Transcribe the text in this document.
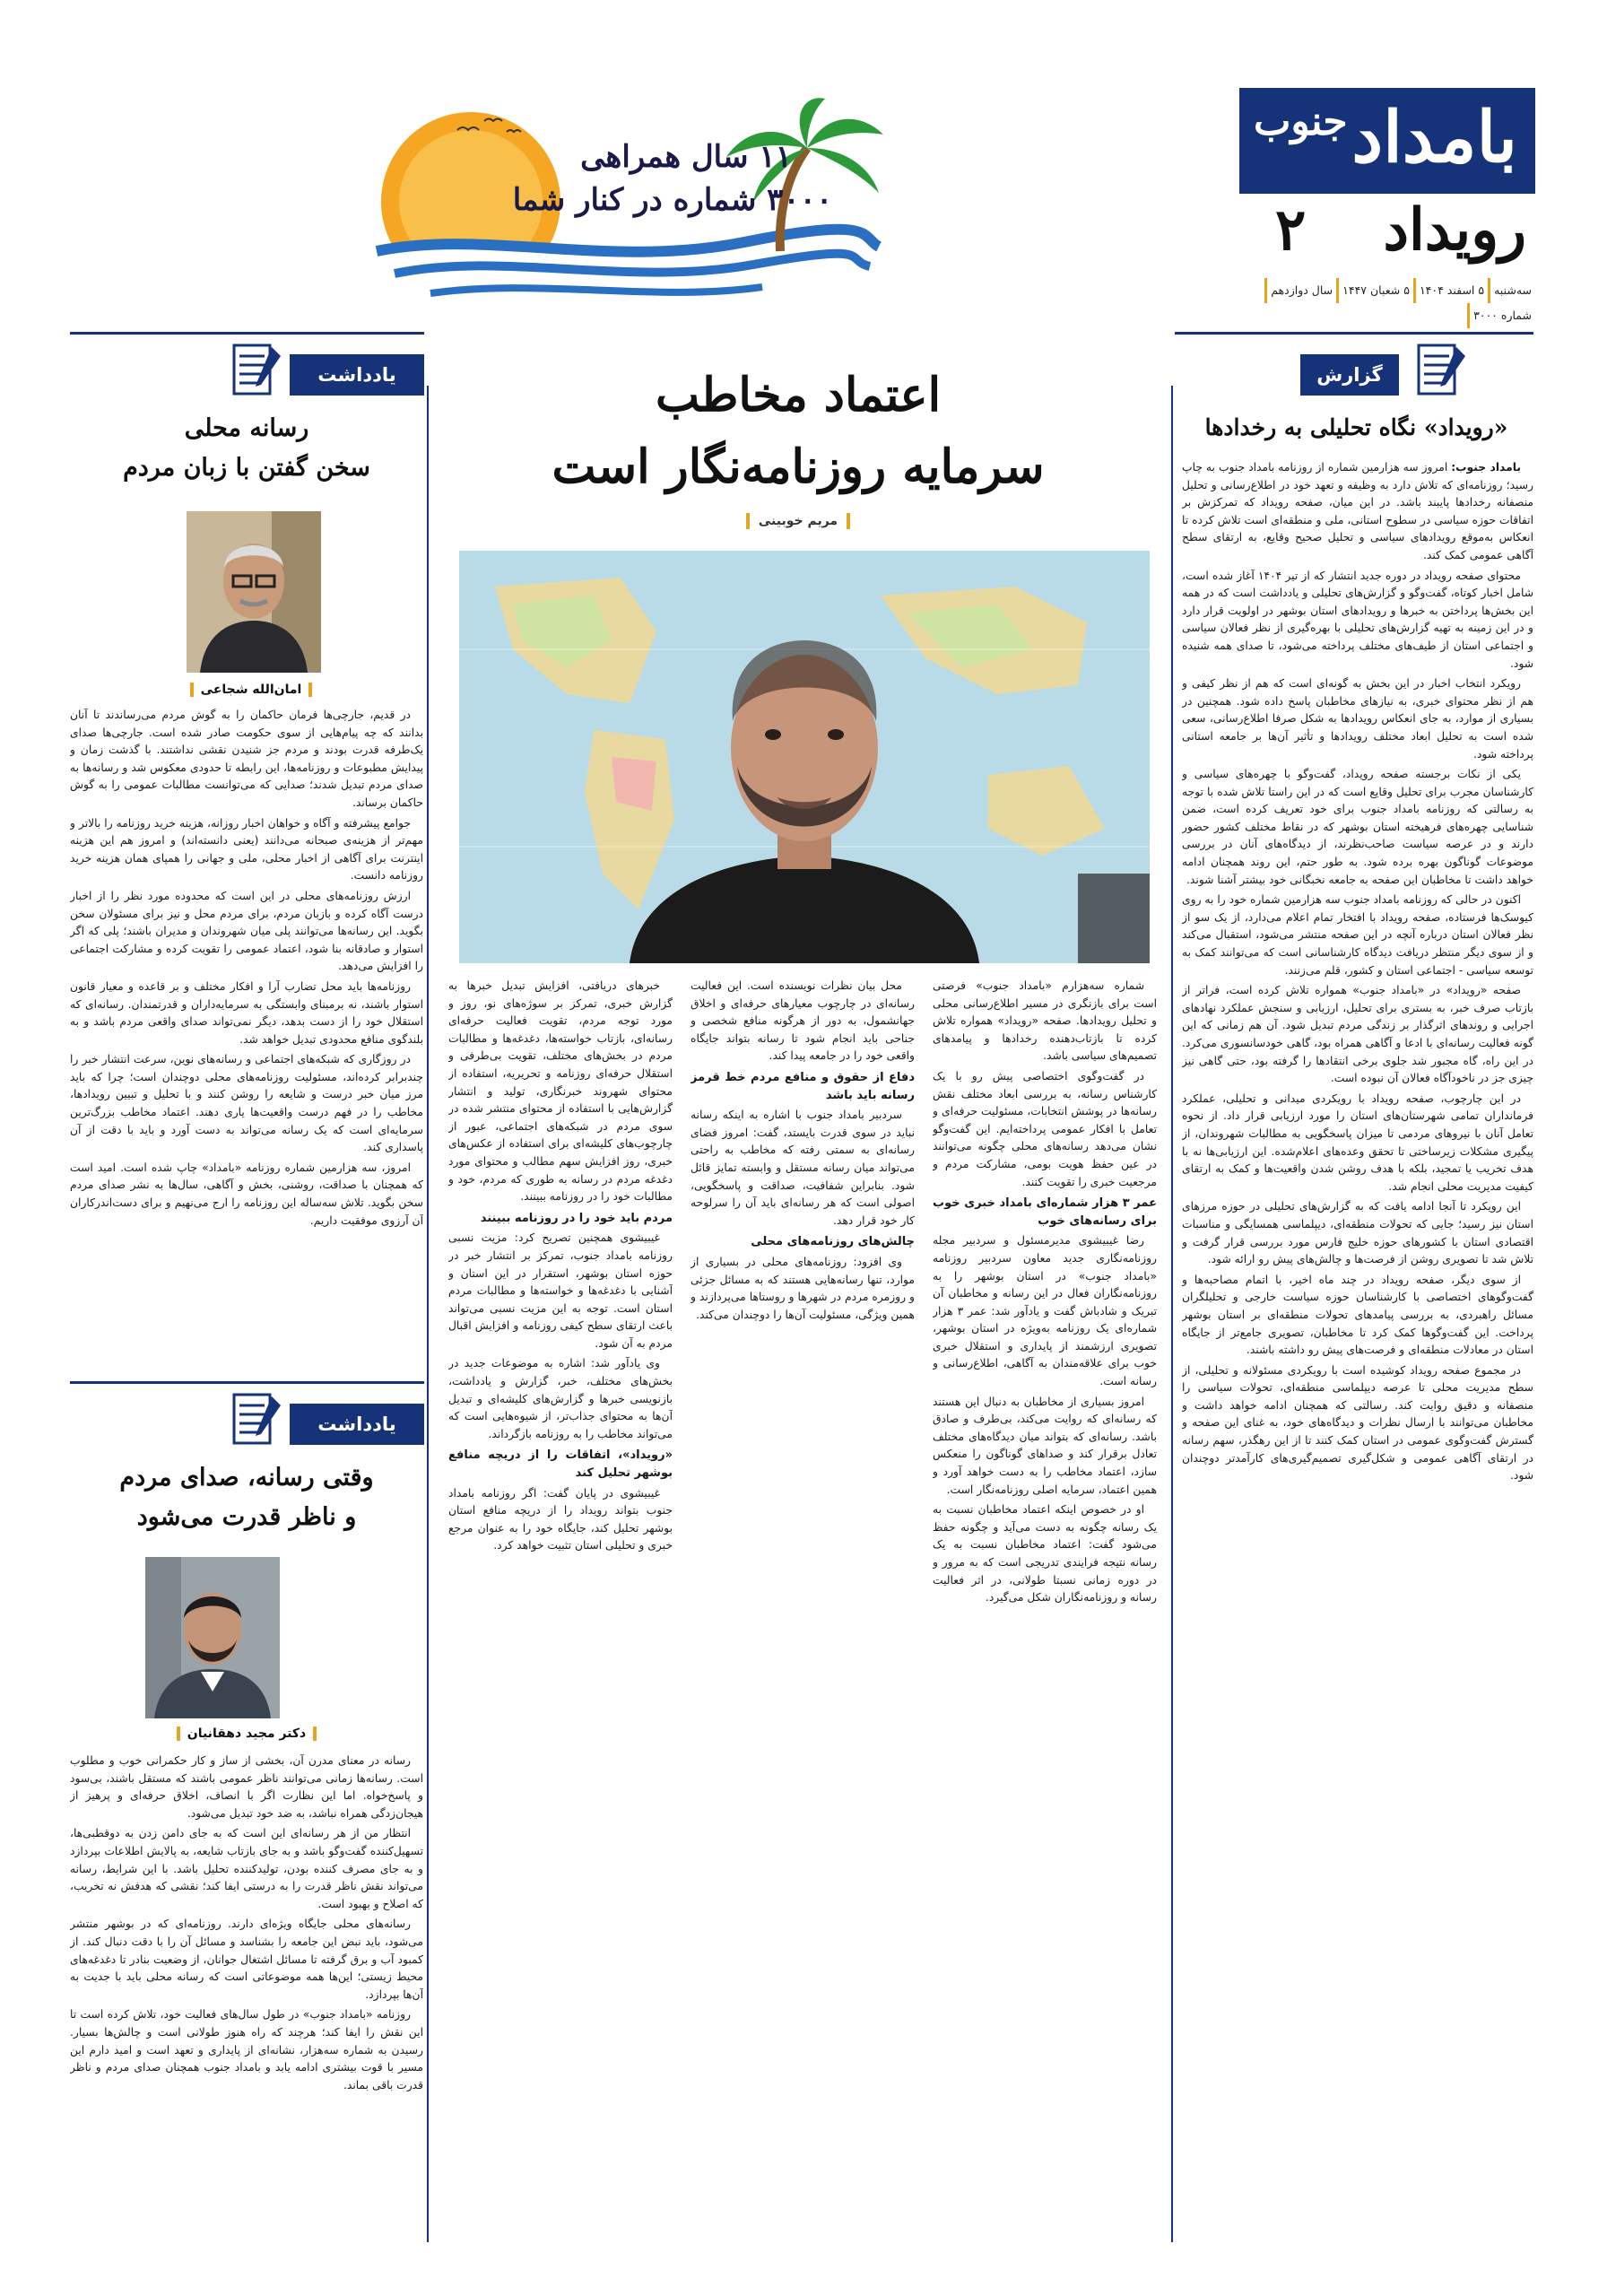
بامداد
جنوب
رویداد
۲
سه‌شنبه۵ اسفند ۱۴۰۴۵ شعبان ۱۴۴۷سال دوازدهمشماره ۳۰۰۰
۱۱ سال همراهی
۳۰۰۰ شماره در کنار شما
گزارش
«رویداد» نگاه تحلیلی به رخدادها

بامداد جنوب: امروز سه هزارمین شماره از روزنامه بامداد جنوب به چاپ رسید؛ روزنامه‌ای که تلاش دارد به وظیفه و تعهد خود در اطلاع‌رسانی و تحلیل منصفانه رخدادها پایبند باشد. در این میان، صفحه رویداد که تمرکزش بر اتفاقات حوزه سیاسی در سطوح استانی، ملی و منطقه‌ای است تلاش کرده تا انعکاس به‌موقع رویدادهای سیاسی و تحلیل صحیح وقایع، به ارتقای سطح آگاهی عمومی کمک کند.

محتوای صفحه رویداد در دوره جدید انتشار که از تیر ۱۴۰۴ آغاز شده است، شامل اخبار کوتاه، گفت‌وگو و گزارش‌های تحلیلی و یادداشت است که در همه این بخش‌ها پرداختن به خبرها و رویدادهای استان بوشهر در اولویت قرار دارد و در این زمینه به تهیه گزارش‌های تحلیلی با بهره‌گیری از نظر فعالان سیاسی و اجتماعی استان از طیف‌های مختلف پرداخته می‌شود، تا صدای همه شنیده شود.

رویکرد انتخاب اخبار در این بخش به گونه‌ای است که هم از نظر کیفی و هم از نظر محتوای خبری، به نیازهای مخاطبان پاسخ داده شود. همچنین در بسیاری از موارد، به جای انعکاس رویدادها به شکل صرفا اطلاع‌رسانی، سعی شده است به تحلیل ابعاد مختلف رویدادها و تأثیر آن‌ها بر جامعه استانی پرداخته شود.

یکی از نکات برجسته صفحه رویداد، گفت‌وگو با چهره‌های سیاسی و کارشناسان مجرب برای تحلیل وقایع است که در این راستا تلاش شده با توجه به رسالتی که روزنامه بامداد جنوب برای خود تعریف کرده است، ضمن شناسایی چهره‌های فرهیخته استان بوشهر که در نقاط مختلف کشور حضور دارند و در عرصه سیاست صاحب‌نظرند، از دیدگاه‌های آنان در بررسی موضوعات گوناگون بهره برده شود. به طور حتم، این روند همچنان ادامه خواهد داشت تا مخاطبان این صفحه به جامعه نخبگانی خود بیشتر آشنا شوند.

اکنون در حالی که روزنامه بامداد جنوب سه هزارمین شماره خود را به روی کیوسک‌ها فرستاده، صفحه رویداد با افتخار تمام اعلام می‌دارد، از یک سو از نظر فعالان استان درباره آنچه در این صفحه منتشر می‌شود، استقبال می‌کند و از سوی دیگر منتظر دریافت دیدگاه کارشناسانی است که می‌توانند کمک به توسعه سیاسی - اجتماعی استان و کشور، قلم می‌زنند.

صفحه «رویداد» در «بامداد جنوب» همواره تلاش کرده است، فراتر از بازتاب صرف خبر، به بستری برای تحلیل، ارزیابی و سنجش عملکرد نهادهای اجرایی و روندهای اثرگذار بر زندگی مردم تبدیل شود. آن هم زمانی که این گونه فعالیت رسانه‌ای با ادعا و آگاهی همراه بود، گاهی خودسانسوری می‌کرد. در این راه، گاه مجبور شد جلوی برخی انتقادها را گرفته بود، حتی گاهی نیز چیزی جز در ناخودآگاه فعالان آن نبوده است.

در این چارچوب، صفحه رویداد با رویکردی میدانی و تحلیلی، عملکرد فرمانداران تمامی شهرستان‌های استان را مورد ارزیابی قرار داد. از نحوه تعامل آنان با نیروهای مردمی تا میزان پاسخگویی به مطالبات شهروندان، از پیگیری مشکلات زیرساختی تا تحقق وعده‌های اعلام‌شده. این ارزیابی‌ها نه با هدف تخریب یا تمجید، بلکه با هدف روشن شدن واقعیت‌ها و کمک به ارتقای کیفیت مدیریت محلی انجام شد.

این رویکرد تا آنجا ادامه یافت که به گزارش‌های تحلیلی در حوزه مرزهای استان نیز رسید؛ جایی که تحولات منطقه‌ای، دیپلماسی همسایگی و مناسبات اقتصادی استان با کشورهای حوزه خلیج فارس مورد بررسی قرار گرفت و تلاش شد تا تصویری روشن از فرصت‌ها و چالش‌های پیش رو ارائه شود.

از سوی دیگر، صفحه رویداد در چند ماه اخیر، با اتمام مصاحبه‌ها و گفت‌وگوهای اختصاصی با کارشناسان حوزه سیاست خارجی و تحلیلگران مسائل راهبردی، به بررسی پیامدهای تحولات منطقه‌ای بر استان بوشهر پرداخت. این گفت‌وگوها کمک کرد تا مخاطبان، تصویری جامع‌تر از جایگاه استان در معادلات منطقه‌ای و فرصت‌های پیش رو داشته باشند.

در مجموع صفحه رویداد کوشیده است با رویکردی مسئولانه و تحلیلی، از سطح مدیریت محلی تا عرصه دیپلماسی منطقه‌ای، تحولات سیاسی را منصفانه و دقیق روایت کند. رسالتی که همچنان ادامه خواهد داشت و مخاطبان می‌توانند با ارسال نظرات و دیدگاه‌های خود، به غنای این صفحه و گسترش گفت‌وگوی عمومی در استان کمک کنند تا از این رهگذر، سهم رسانه در ارتقای آگاهی عمومی و شکل‌گیری تصمیم‌گیری‌های کارآمدتر دوچندان شود.

یادداشت
رسانه محلی
سخن گفتن با زبان مردم
امان‌الله شجاعی

در قدیم، جارچی‌ها فرمان حاکمان را به گوش مردم می‌رساندند تا آنان بدانند که چه پیام‌هایی از سوی حکومت صادر شده است. جارچی‌ها صدای یک‌طرفه قدرت بودند و مردم جز شنیدن نقشی نداشتند. با گذشت زمان و پیدایش مطبوعات و روزنامه‌ها، این رابطه تا حدودی معکوس شد و رسانه‌ها به صدای مردم تبدیل شدند؛ صدایی که می‌توانست مطالبات عمومی را به گوش حاکمان برساند.

جوامع پیشرفته و آگاه و خواهان اخبار روزانه، هزینه خرید روزنامه را بالاتر و مهم‌تر از هزینه‌ی صبحانه می‌دانند (یعنی دانسته‌اند) و امروز هم این هزینه اینترنت برای آگاهی از اخبار محلی، ملی و جهانی را همپای همان هزینه خرید روزنامه دانست.

ارزش روزنامه‌های محلی در این است که محدوده مورد نظر را از اخبار درست آگاه کرده و بازبان مردم، برای مردم محل و نیز برای مسئولان سخن بگوید. این رسانه‌ها می‌توانند پلی میان شهروندان و مدیران باشند؛ پلی که اگر استوار و صادقانه بنا شود، اعتماد عمومی را تقویت کرده و مشارکت اجتماعی را افزایش می‌دهد.

روزنامه‌ها باید محل تضارب آرا و افکار مختلف و بر قاعده و معیار قانون استوار باشند، نه برمبنای وابستگی به سرمایه‌داران و قدرتمندان. رسانه‌ای که استقلال خود را از دست بدهد، دیگر نمی‌تواند صدای واقعی مردم باشد و به بلندگوی منافع محدودی تبدیل خواهد شد.

در روزگاری که شبکه‌های اجتماعی و رسانه‌های نوین، سرعت انتشار خبر را چندبرابر کرده‌اند، مسئولیت روزنامه‌های محلی دوچندان است؛ چرا که باید مرز میان خبر درست و شایعه را روشن کنند و با تحلیل و تبیین رویدادها، مخاطب را در فهم درست واقعیت‌ها یاری دهند. اعتماد مخاطب بزرگ‌ترین سرمایه‌ای است که یک رسانه می‌تواند به دست آورد و باید با دقت از آن پاسداری کند.

امروز، سه هزارمین شماره روزنامه «بامداد» چاپ شده است. امید است که همچنان با صداقت، روشنی، بخش و آگاهی، سال‌ها به نشر صدای مردم سخن بگوید. تلاش سه‌ساله این روزنامه را ارج می‌نهیم و برای دست‌اندرکاران آن آرزوی موفقیت داریم.

یادداشت
وقتی رسانه، صدای مردم
و ناظر قدرت می‌شود
دکتر مجید دهقانیان

رسانه در معنای مدرن آن، بخشی از ساز و کار حکمرانی خوب و مطلوب است. رسانه‌ها زمانی می‌توانند ناظر عمومی باشند که مستقل باشند، بی‌سود و پاسخ‌خواه. اما این نظارت اگر با انصاف، اخلاق حرفه‌ای و پرهیز از هیجان‌زدگی همراه نباشد، به ضد خود تبدیل می‌شود.

انتظار من از هر رسانه‌ای این است که به جای دامن زدن به دوقطبی‌ها، تسهیل‌کننده گفت‌وگو باشد و به جای بازتاب شایعه، به پالایش اطلاعات بپردازد و به جای مصرف کننده بودن، تولیدکننده تحلیل باشد. با این شرایط، رسانه می‌تواند نقش ناظر قدرت را به درستی ایفا کند؛ نقشی که هدفش نه تخریب، که اصلاح و بهبود است.

رسانه‌های محلی جایگاه ویژه‌ای دارند. روزنامه‌ای که در بوشهر منتشر می‌شود، باید نبض این جامعه را بشناسد و مسائل آن را با دقت دنبال کند. از کمبود آب و برق گرفته تا مسائل اشتغال جوانان، از وضعیت بنادر تا دغدغه‌های محیط زیستی؛ این‌ها همه موضوعاتی است که رسانه محلی باید با جدیت به آن‌ها بپردازد.

روزنامه «بامداد جنوب» در طول سال‌های فعالیت خود، تلاش کرده است تا این نقش را ایفا کند؛ هرچند که راه هنوز طولانی است و چالش‌ها بسیار. رسیدن به شماره سه‌هزار، نشانه‌ای از پایداری و تعهد است و امید دارم این مسیر با قوت بیشتری ادامه یابد و بامداد جنوب همچنان صدای مردم و ناظر قدرت باقی بماند.

اعتماد مخاطب
سرمایه روزنامه‌نگار است
مریم خوبینی

شماره سه‌هزارم «بامداد جنوب» فرصتی است برای بازنگری در مسیر اطلاع‌رسانی محلی و تحلیل رویدادها. صفحه «رویداد» همواره تلاش کرده تا بازتاب‌دهنده رخدادها و پیامدهای تصمیم‌های سیاسی باشد.

در گفت‌وگوی اختصاصی پیش رو با یک کارشناس رسانه، به بررسی ابعاد مختلف نقش رسانه‌ها در پوشش انتخابات، مسئولیت حرفه‌ای و تعامل با افکار عمومی پرداخته‌ایم. این گفت‌وگو نشان می‌دهد رسانه‌های محلی چگونه می‌توانند در عین حفظ هویت بومی، مشارکت مردم و مرجعیت خبری را تقویت کنند.

عمر ۳ هزار شماره‌ای بامداد خبری خوب برای رسانه‌های خوب

رضا غیبیشوی مدیرمسئول و سردبیر مجله روزنامه‌نگاری جدید معاون سردبیر روزنامه «بامداد جنوب» در استان بوشهر را به روزنامه‌نگاران فعال در این رسانه و مخاطبان آن تبریک و شادباش گفت و یادآور شد: عمر ۳ هزار شماره‌ای یک روزنامه به‌ویژه در استان بوشهر، تصویری ارزشمند از پایداری و استقلال خبری خوب برای علاقه‌مندان به آگاهی، اطلاع‌رسانی و رسانه است.

امروز بسیاری از مخاطبان به دنبال این هستند که رسانه‌ای که روایت می‌کند، بی‌طرف و صادق باشد. رسانه‌ای که بتواند میان دیدگاه‌های مختلف تعادل برقرار کند و صداهای گوناگون را منعکس سازد، اعتماد مخاطب را به دست خواهد آورد و همین اعتماد، سرمایه اصلی روزنامه‌نگار است.

او در خصوص اینکه اعتماد مخاطبان نسبت به یک رسانه چگونه به دست می‌آید و چگونه حفظ می‌شود گفت: اعتماد مخاطبان نسبت به یک رسانه نتیجه فرایندی تدریجی است که به مرور و در دوره زمانی نسبتا طولانی، در اثر فعالیت رسانه و روزنامه‌نگاران شکل می‌گیرد.

محل بیان نظرات نویسنده است. این فعالیت رسانه‌ای در چارچوب معیارهای حرفه‌ای و اخلاق جهانشمول، به دور از هرگونه منافع شخصی و جناحی باید انجام شود تا رسانه بتواند جایگاه واقعی خود را در جامعه پیدا کند.

دفاع از حقوق و منافع مردم خط قرمز رسانه باید باشد

سردبیر بامداد جنوب با اشاره به اینکه رسانه نباید در سوی قدرت بایستد، گفت: امروز فضای رسانه‌ای به سمتی رفته که مخاطب به راحتی می‌تواند میان رسانه مستقل و وابسته تمایز قائل شود. بنابراین شفافیت، صداقت و پاسخگویی، اصولی است که هر رسانه‌ای باید آن را سرلوحه کار خود قرار دهد.

چالش‌های روزنامه‌های محلی

وی افزود: روزنامه‌های محلی در بسیاری از موارد، تنها رسانه‌هایی هستند که به مسائل جزئی و روزمره مردم در شهرها و روستاها می‌پردازند و همین ویژگی، مسئولیت آن‌ها را دوچندان می‌کند.

خبرهای دریافتی، افزایش تبدیل خبرها به گزارش خبری، تمرکز بر سوژه‌های نو، روز و مورد توجه مردم، تقویت فعالیت حرفه‌ای رسانه‌ای، بازتاب خواسته‌ها، دغدغه‌ها و مطالبات مردم در بخش‌های مختلف، تقویت بی‌طرفی و استقلال حرفه‌ای روزنامه و تحریریه، استفاده از محتوای شهروند خبرنگاری، تولید و انتشار گزارش‌هایی با استفاده از محتوای منتشر شده در سوی مردم در شبکه‌های اجتماعی، عبور از چارچوب‌های کلیشه‌ای برای استفاده از عکس‌های خبری، روز افزایش سهم مطالب و محتوای مورد دغدغه مردم در رسانه به طوری که مردم، خود و مطالبات خود را در روزنامه ببینند.

مردم باید خود را در روزنامه ببینند

غیبیشوی همچنین تصریح کرد: مزیت نسبی روزنامه بامداد جنوب، تمرکز بر انتشار خبر در حوزه استان بوشهر، استقرار در این استان و آشنایی با دغدغه‌ها و خواسته‌ها و مطالبات مردم استان است. توجه به این مزیت نسبی می‌تواند باعث ارتقای سطح کیفی روزنامه و افزایش اقبال مردم به آن شود.

وی یادآور شد: اشاره به موضوعات جدید در بخش‌های مختلف، خبر، گزارش و یادداشت، بازنویسی خبرها و گزارش‌های کلیشه‌ای و تبدیل آن‌ها به محتوای جذاب‌تر، از شیوه‌هایی است که می‌تواند مخاطب را به روزنامه بازگرداند.

«رویداد»، اتفاقات را از دریچه منافع بوشهر تحلیل کند

غیبیشوی در پایان گفت: اگر روزنامه بامداد جنوب بتواند رویداد را از دریچه منافع استان بوشهر تحلیل کند، جایگاه خود را به عنوان مرجع خبری و تحلیلی استان تثبیت خواهد کرد.
